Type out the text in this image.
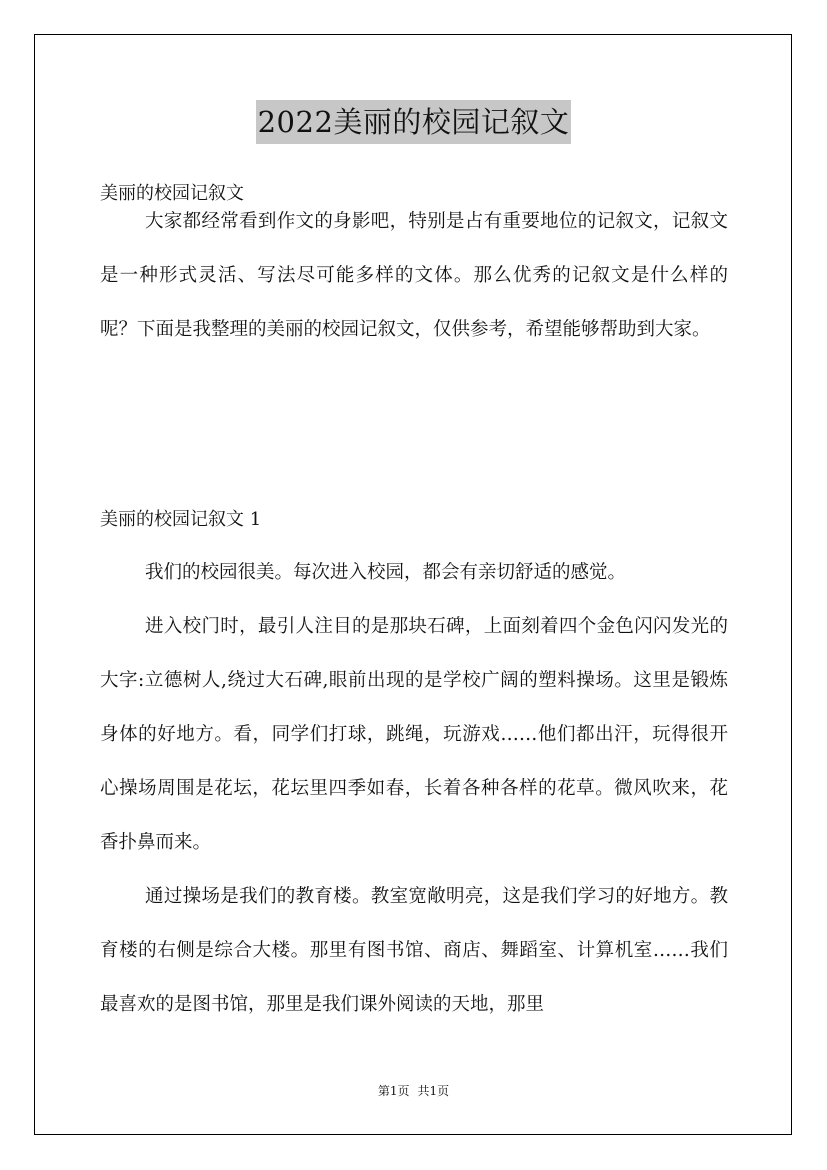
2022美丽的校园记叙文
美丽的校园记叙文

大家都经常看到作文的身影吧，特别是占有重要地位的记叙文，记叙文是一种形式灵活、写法尽可能多样的文体。那么优秀的记叙文是什么样的呢？下面是我整理的美丽的校园记叙文，仅供参考，希望能够帮助到大家。

美丽的校园记叙文 1

我们的校园很美。每次进入校园，都会有亲切舒适的感觉。

进入校门时，最引人注目的是那块石碑，上面刻着四个金色闪闪发光的大字:立德树人,绕过大石碑,眼前出现的是学校广阔的塑料操场。这里是锻炼身体的好地方。看，同学们打球，跳绳，玩游戏……他们都出汗，玩得很开心操场周围是花坛，花坛里四季如春，长着各种各样的花草。微风吹来，花香扑鼻而来。

通过操场是我们的教育楼。教室宽敞明亮，这是我们学习的好地方。教育楼的右侧是综合大楼。那里有图书馆、商店、舞蹈室、计算机室……我们最喜欢的是图书馆，那里是我们课外阅读的天地，那里

第1页 共1页
